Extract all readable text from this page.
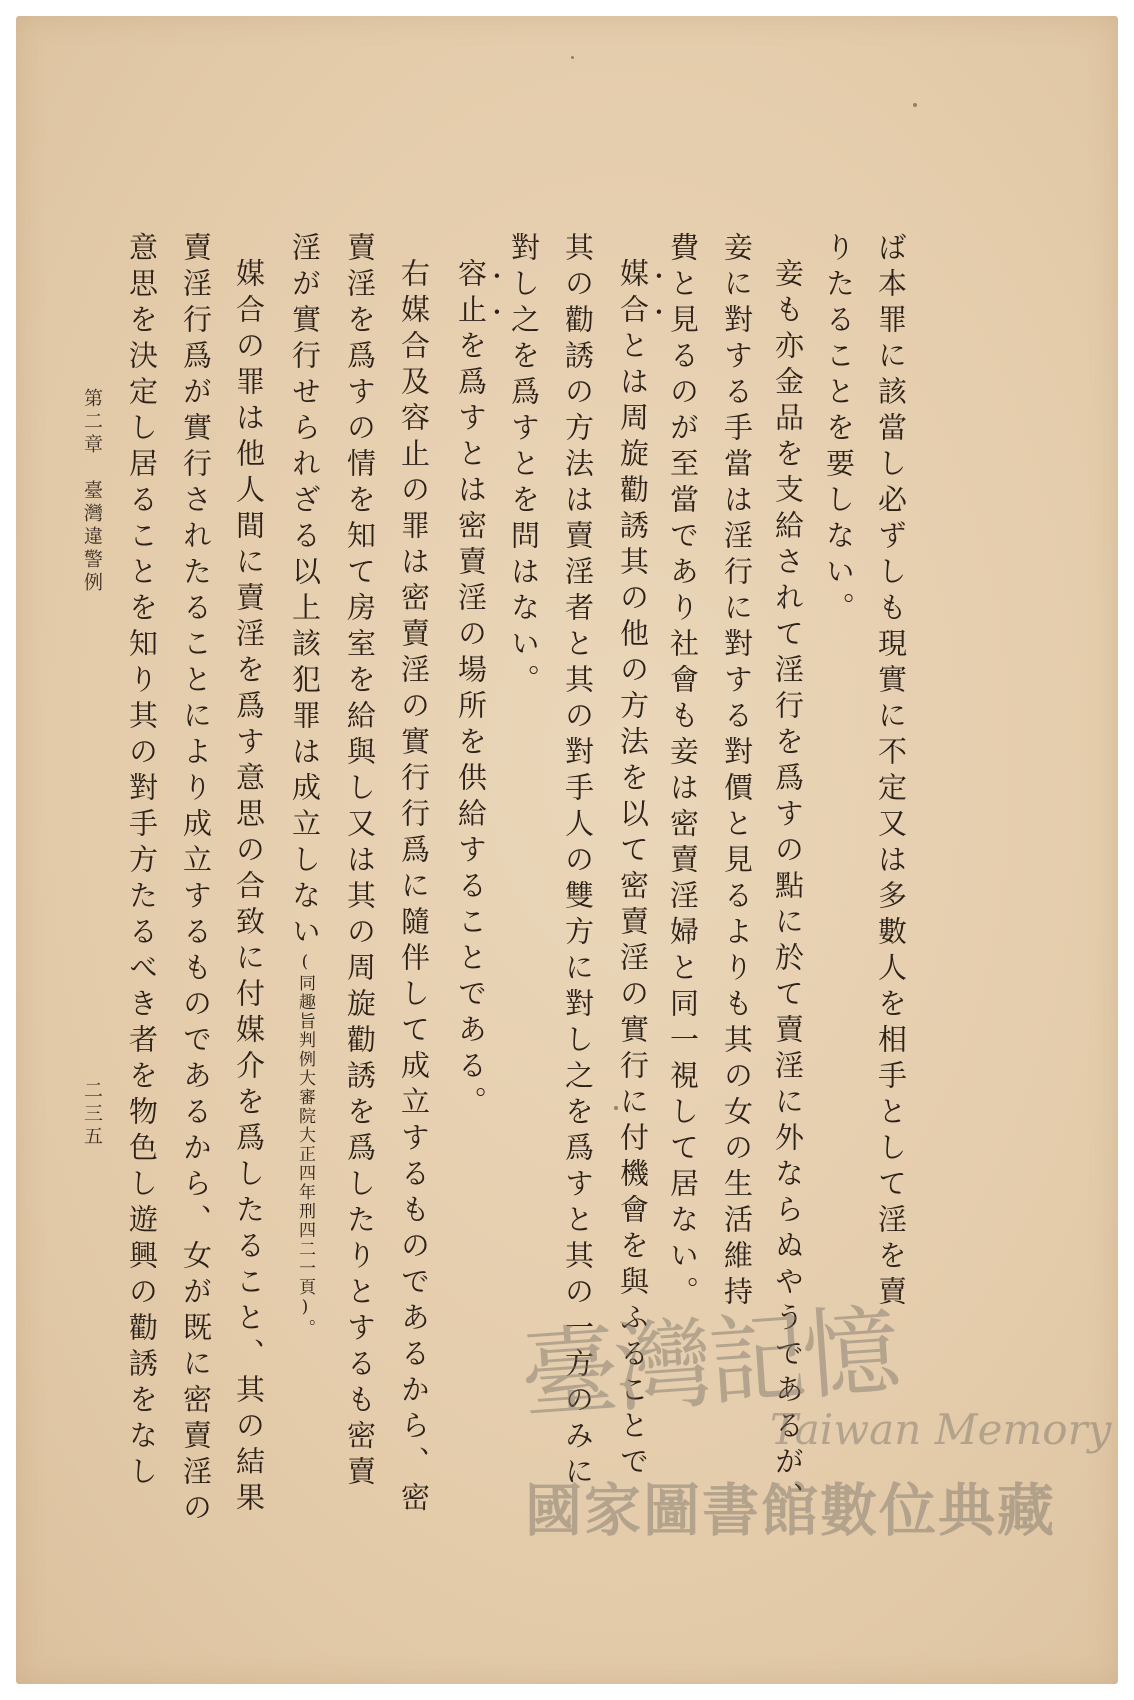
ば本罪に該當し必ずしも現實に不定又は多數人を相手として淫を賣
りたることを要しない。
妾も亦金品を支給されて淫行を爲すの點に於て賣淫に外ならぬやうであるが、
妾に對する手當は淫行に對する對價と見るよりも其の女の生活維持
費と見るのが至當であり社會も妾は密賣淫婦と同一視して居ない。
媒合とは周旋勸誘其の他の方法を以て密賣淫の實行に付機會を與ふることで
其の勸誘の方法は賣淫者と其の對手人の雙方に對し之を爲すと其の一方のみに
對し之を爲すとを問はない。
容止を爲すとは密賣淫の場所を供給することである。
右媒合及容止の罪は密賣淫の實行行爲に隨伴して成立するものであるから、密
賣淫を爲すの情を知て房室を給與し又は其の周旋勸誘を爲したりとするも密賣
淫が實行せられざる以上該犯罪は成立しない(同趣旨判例大審院大正四年刑四二一頁)。
媒合の罪は他人間に賣淫を爲す意思の合致に付媒介を爲したること、其の結果
賣淫行爲が實行されたることにより成立するものであるから、女が既に密賣淫の
意思を決定し居ることを知り其の對手方たるべき者を物色し遊興の勸誘をなし
第二章　臺灣違警例
二三五
臺灣記憶
Taiwan Memory
國家圖書館數位典藏
